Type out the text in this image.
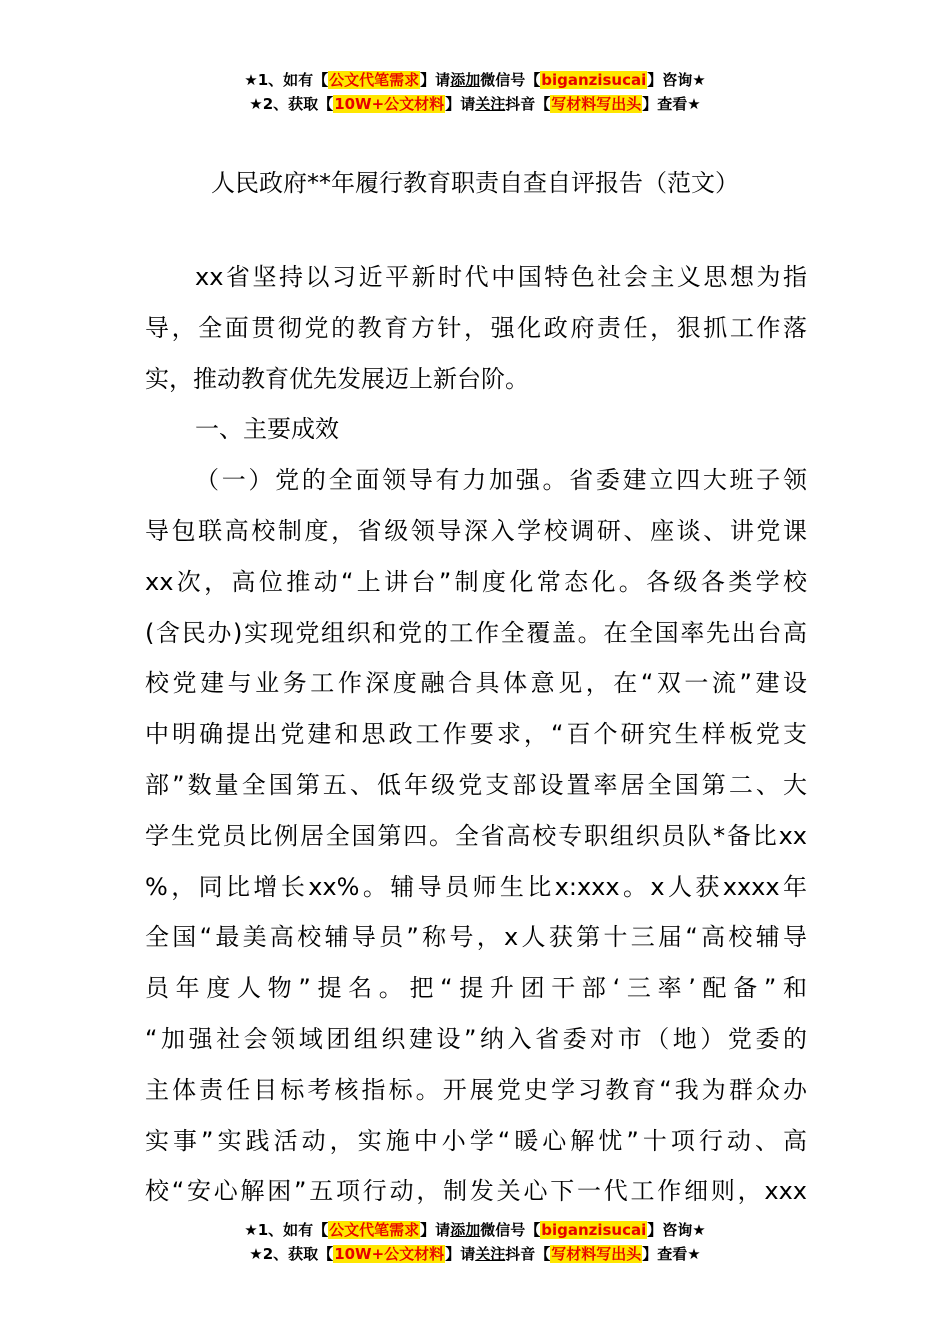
★1、如有【公文代笔需求】请添加微信号【biganzisucai】咨询★
★2、获取【10W+公文材料】请关注抖音【写材料写出头】查看★
人民政府**年履行教育职责自查自评报告（范文）
xx省坚持以习近平新时代中国特色社会主义思想为指
导，全面贯彻党的教育方针，强化政府责任，狠抓工作落
实，推动教育优先发展迈上新台阶。
一、主要成效
（一）党的全面领导有力加强。省委建立四大班子领
导包联高校制度，省级领导深入学校调研、座谈、讲党课
xx次，高位推动“上讲台”制度化常态化。各级各类学校
(含民办)实现党组织和党的工作全覆盖。在全国率先出台高
校党建与业务工作深度融合具体意见，在“双一流”建设
中明确提出党建和思政工作要求，“百个研究生样板党支
部”数量全国第五、低年级党支部设置率居全国第二、大
学生党员比例居全国第四。全省高校专职组织员队*备比xx
%，同比增长xx%。辅导员师生比x:xxx。x人获xxxx年
全国“最美高校辅导员”称号，x人获第十三届“高校辅导
员年度人物”提名。把“提升团干部‘三率’配备”和
“加强社会领域团组织建设”纳入省委对市（地）党委的
主体责任目标考核指标。开展党史学习教育“我为群众办
实事”实践活动，实施中小学“暖心解忧”十项行动、高
校“安心解困”五项行动，制发关心下一代工作细则，xxx
★1、如有【公文代笔需求】请添加微信号【biganzisucai】咨询★
★2、获取【10W+公文材料】请关注抖音【写材料写出头】查看★
